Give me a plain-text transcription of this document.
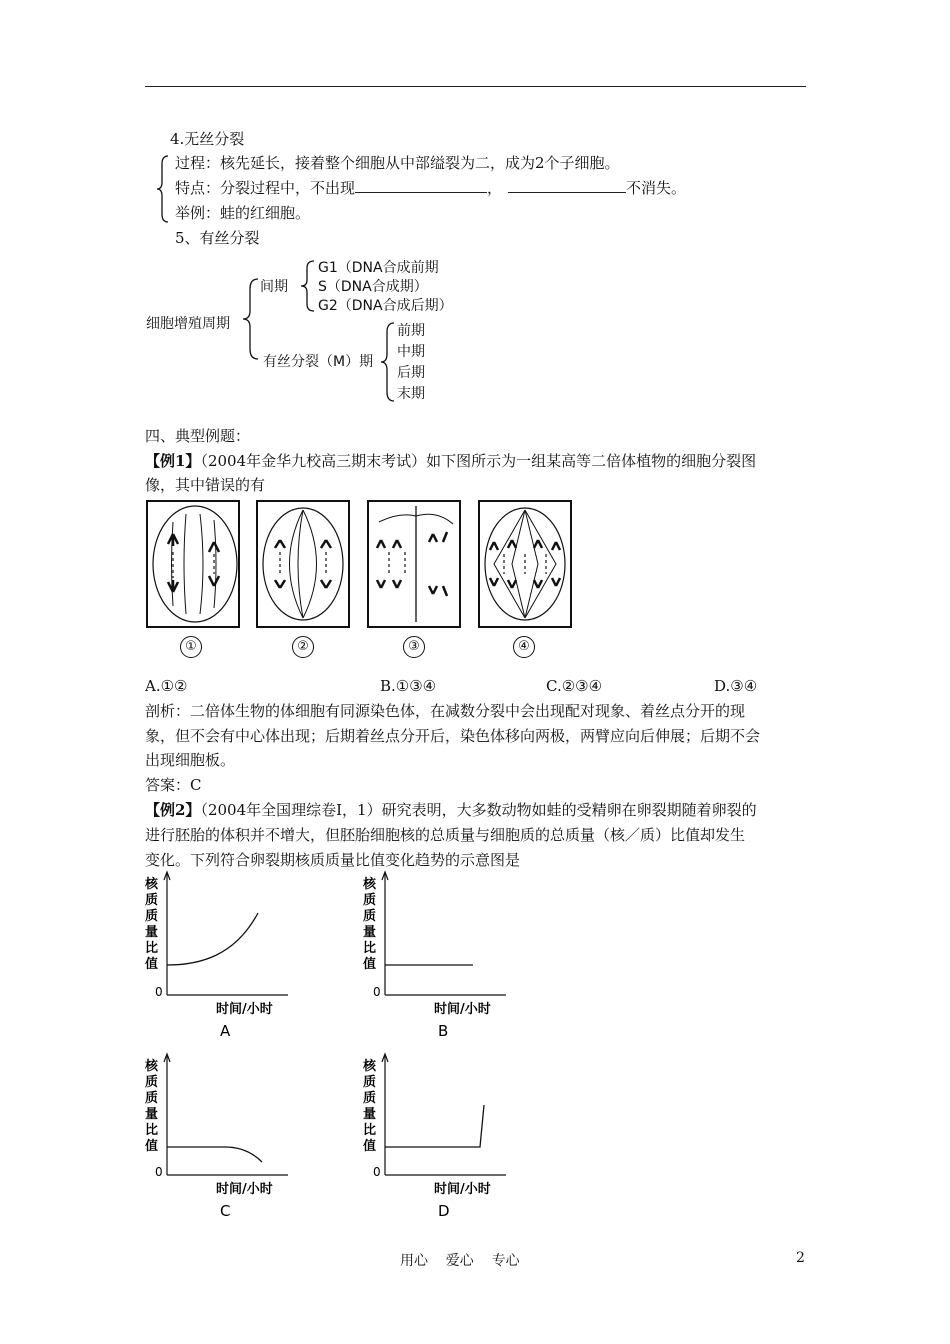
4.无丝分裂
过程：核先延长，接着整个细胞从中部缢裂为二，成为2个子细胞。
特点：分裂过程中，不出现	，	不消失。
举例：蛙的红细胞。
5、有丝分裂
细胞增殖周期
间期
G1（DNA合成前期
S（DNA合成期）
G2（DNA合成后期）
有丝分裂（M）期
前期
中期
后期
末期
四、典型例题：
【例1】（2004年金华九校高三期末考试）如下图所示为一组某高等二倍体植物的细胞分裂图
像，其中错误的有
①	②	③	④
A.①②	B.①③④	C.②③④	D.③④
剖析：二倍体生物的体细胞有同源染色体，在减数分裂中会出现配对现象、着丝点分开的现
象，但不会有中心体出现；后期着丝点分开后，染色体移向两极，两臂应向后伸展；后期不会
出现细胞板。
答案：C
【例2】（2004年全国理综卷Ⅰ，1）研究表明，大多数动物如蛙的受精卵在卵裂期随着卵裂的
进行胚胎的体积并不增大，但胚胎细胞核的总质量与细胞质的总质量（核／质）比值却发生
变化。下列符合卵裂期核质质量比值变化趋势的示意图是
核
质
质
量
比
值
0
时间/小时
A
核
质
质
量
比
值
0
时间/小时
B
核
质
质
量
比
值
0
时间/小时
C
核
质
质
量
比
值
0
时间/小时
D
用心    爱心    专心	2
